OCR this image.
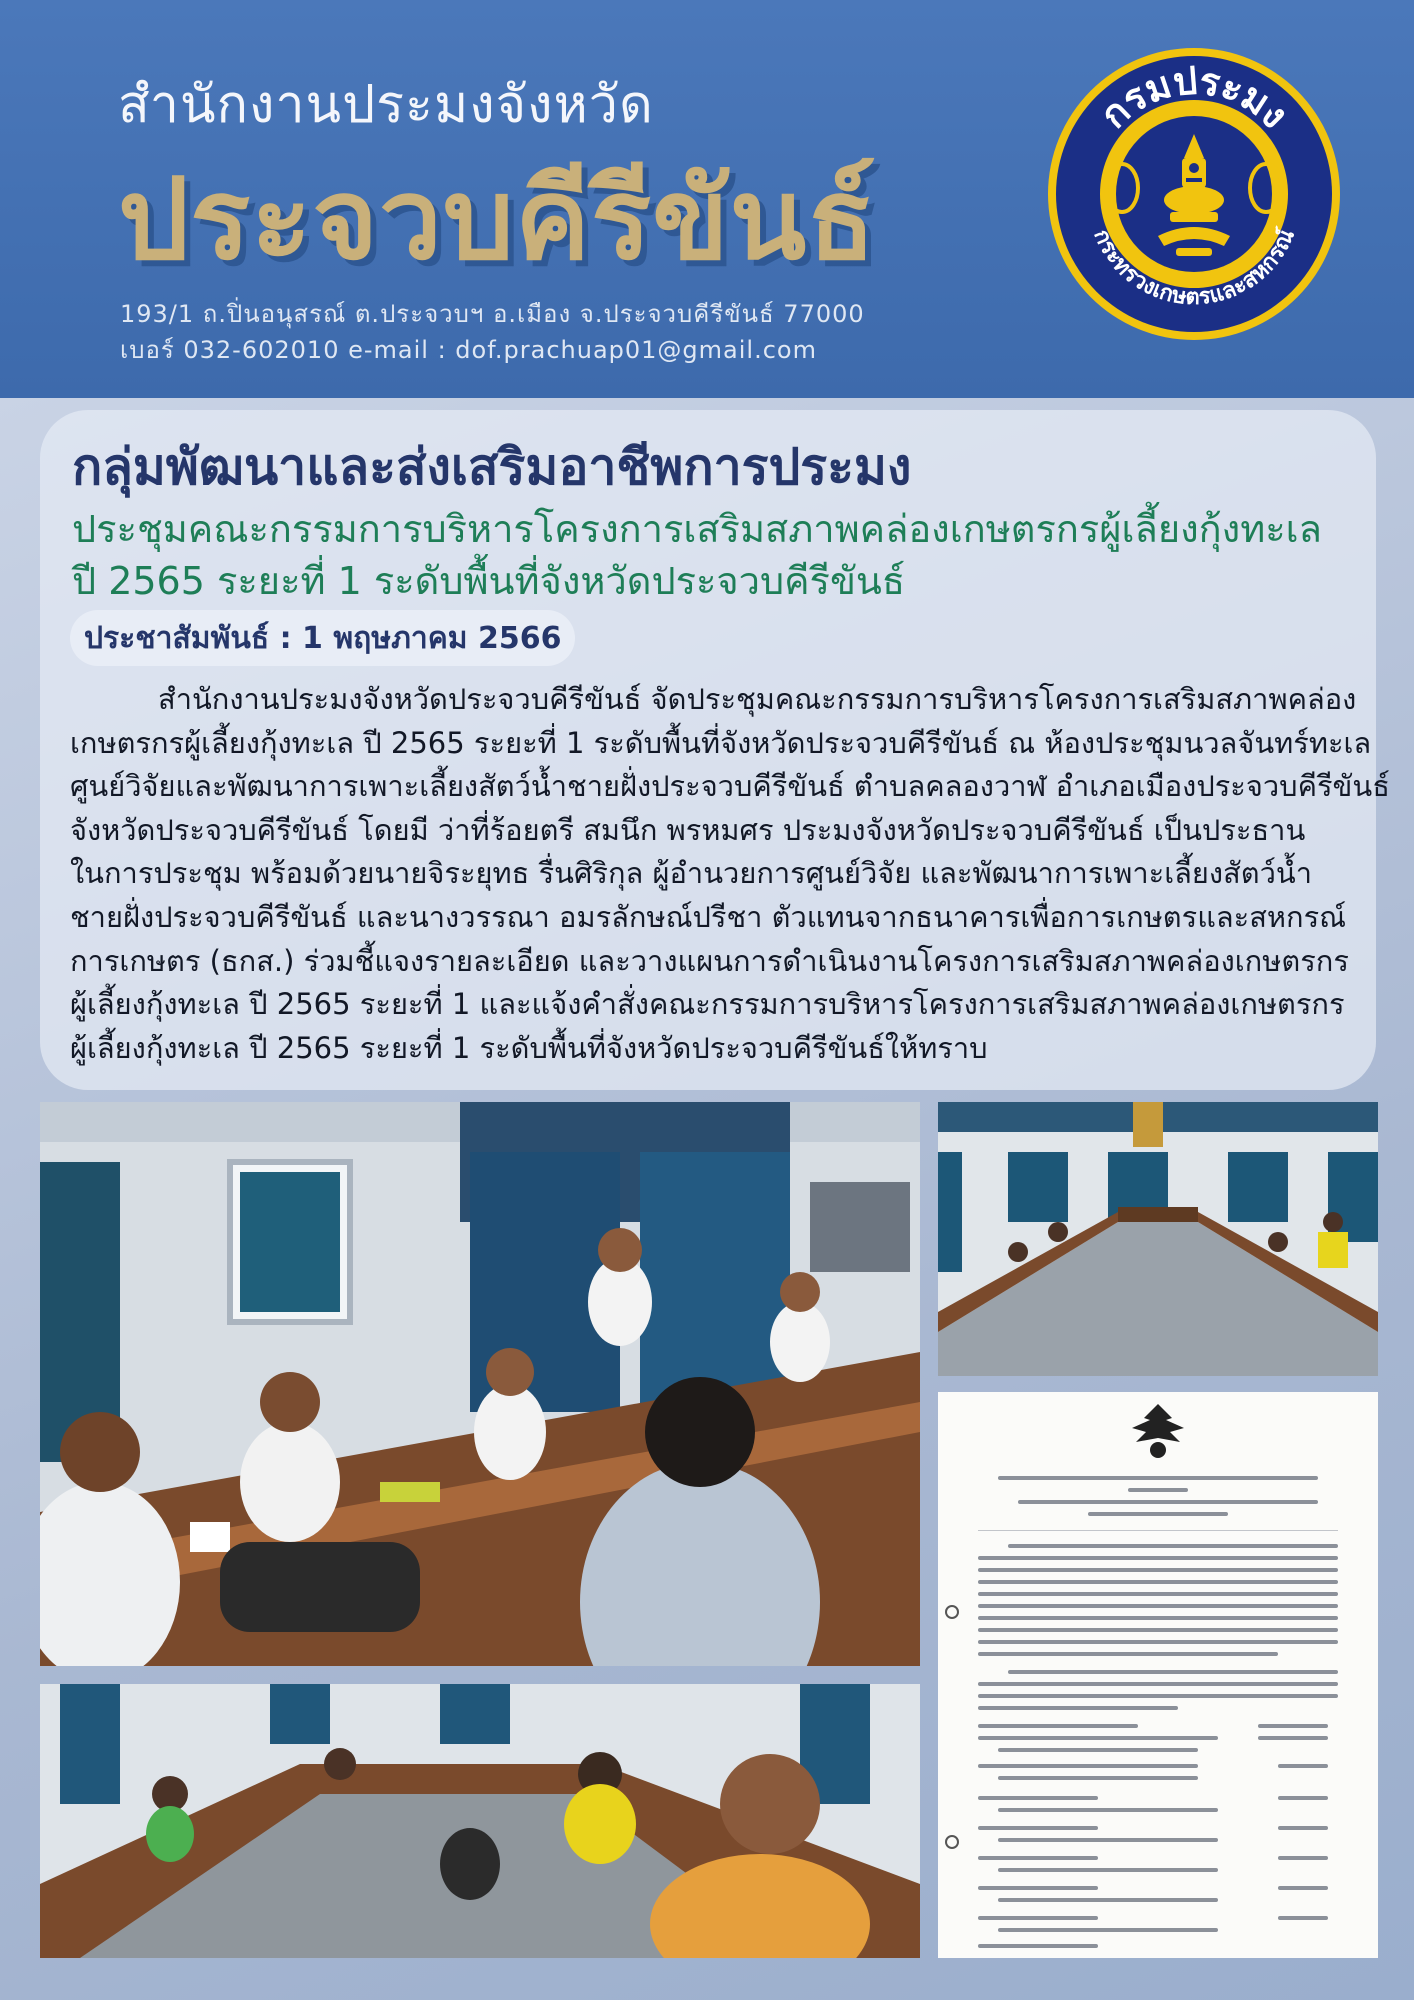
สำนักงานประมงจังหวัด
ประจวบคีรีขันธ์
193/1 ถ.ปิ่นอนุสรณ์ ต.ประจวบฯ อ.เมือง จ.ประจวบคีรีขันธ์ 77000
เบอร์ 032-602010 e-mail : dof.prachuap01@gmail.com
กรมประมง
กระทรวงเกษตรและสหกรณ์
กลุ่มพัฒนาและส่งเสริมอาชีพการประมง
ประชุมคณะกรรมการบริหารโครงการเสริมสภาพคล่องเกษตรกรผู้เลี้ยงกุ้งทะเล
ปี 2565 ระยะที่ 1 ระดับพื้นที่จังหวัดประจวบคีรีขันธ์
ประชาสัมพันธ์ : 1 พฤษภาคม 2566
สำนักงานประมงจังหวัดประจวบคีรีขันธ์ จัดประชุมคณะกรรมการบริหารโครงการเสริมสภาพคล่อง
เกษตรกรผู้เลี้ยงกุ้งทะเล ปี 2565 ระยะที่ 1 ระดับพื้นที่จังหวัดประจวบคีรีขันธ์ ณ ห้องประชุมนวลจันทร์ทะเล
ศูนย์วิจัยและพัฒนาการเพาะเลี้ยงสัตว์น้ำชายฝั่งประจวบคีรีขันธ์ ตำบลคลองวาฬ อำเภอเมืองประจวบคีรีขันธ์
จังหวัดประจวบคีรีขันธ์ โดยมี ว่าที่ร้อยตรี สมนึก พรหมศร ประมงจังหวัดประจวบคีรีขันธ์ เป็นประธาน
ในการประชุม พร้อมด้วยนายจิระยุทธ รื่นศิริกุล ผู้อำนวยการศูนย์วิจัย และพัฒนาการเพาะเลี้ยงสัตว์น้ำ
ชายฝั่งประจวบคีรีขันธ์ และนางวรรณา อมรลักษณ์ปรีชา ตัวแทนจากธนาคารเพื่อการเกษตรและสหกรณ์
การเกษตร (ธกส.) ร่วมชี้แจงรายละเอียด และวางแผนการดำเนินงานโครงการเสริมสภาพคล่องเกษตรกร
ผู้เลี้ยงกุ้งทะเล ปี 2565 ระยะที่ 1 และแจ้งคำสั่งคณะกรรมการบริหารโครงการเสริมสภาพคล่องเกษตรกร
ผู้เลี้ยงกุ้งทะเล ปี 2565 ระยะที่ 1 ระดับพื้นที่จังหวัดประจวบคีรีขันธ์ให้ทราบ
